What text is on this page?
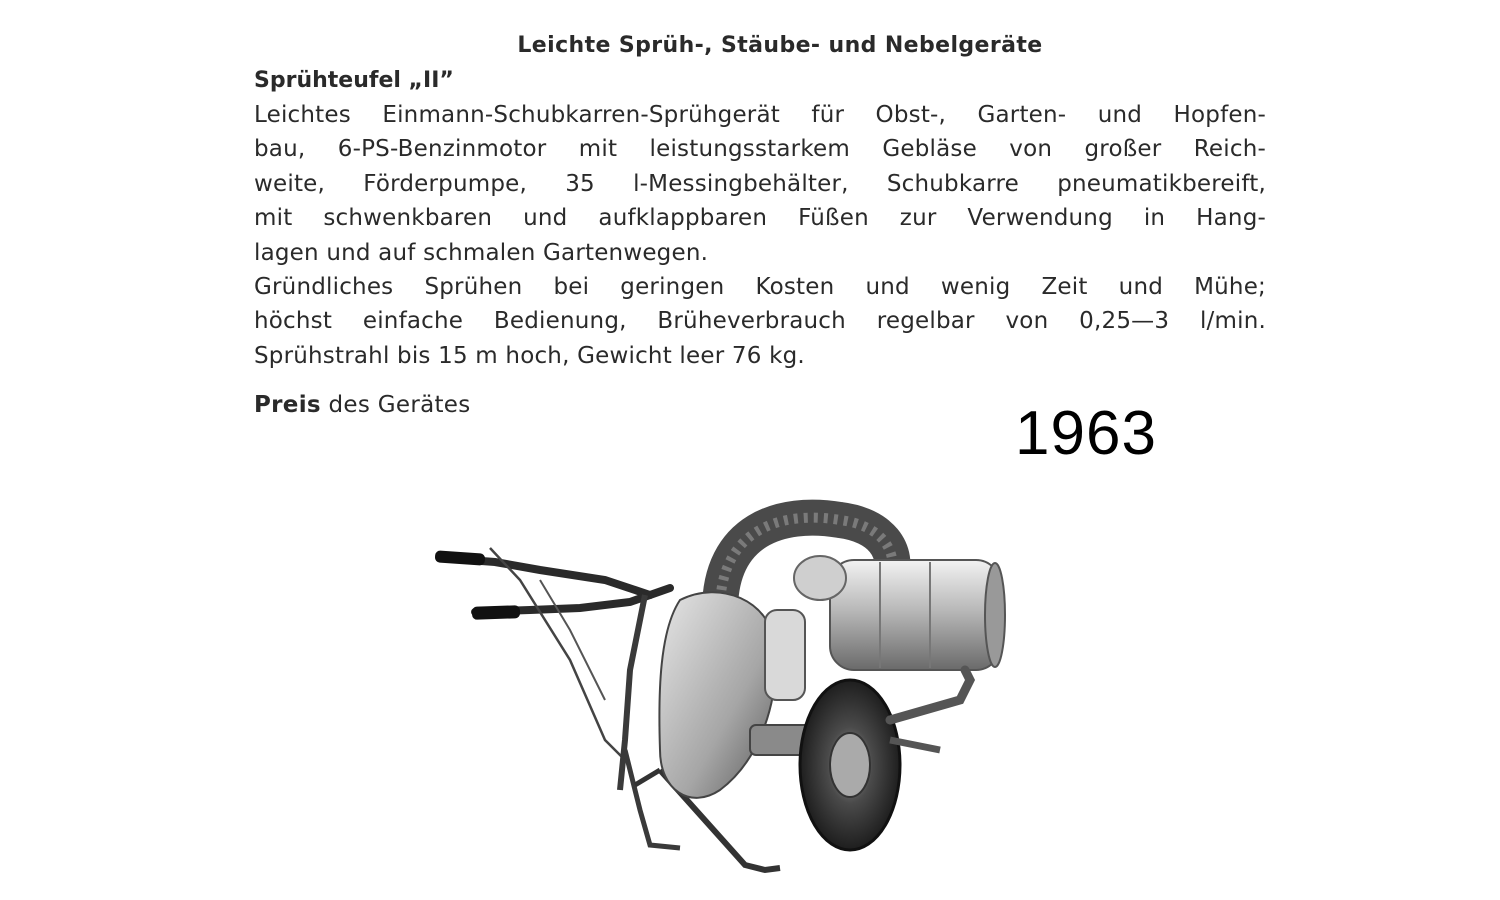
Leichte Sprüh-, Stäube- und Nebelgeräte
Sprühteufel „II”

Leichtes Einmann-Schubkarren-Sprühgerät für Obst-, Garten- und Hopfen-
bau, 6-PS-Benzinmotor mit leistungsstarkem Gebläse von großer Reich-
weite, Förderpumpe, 35 l-Messingbehälter, Schubkarre pneumatikbereift,
mit schwenkbaren und aufklappbaren Füßen zur Verwendung in Hang-
lagen und auf schmalen Gartenwegen.

Gründliches Sprühen bei geringen Kosten und wenig Zeit und Mühe;
höchst einfache Bedienung, Brüheverbrauch regelbar von 0,25—3 l/min.
Sprühstrahl bis 15 m hoch, Gewicht leer 76 kg.

Preis des Gerätes	1963
